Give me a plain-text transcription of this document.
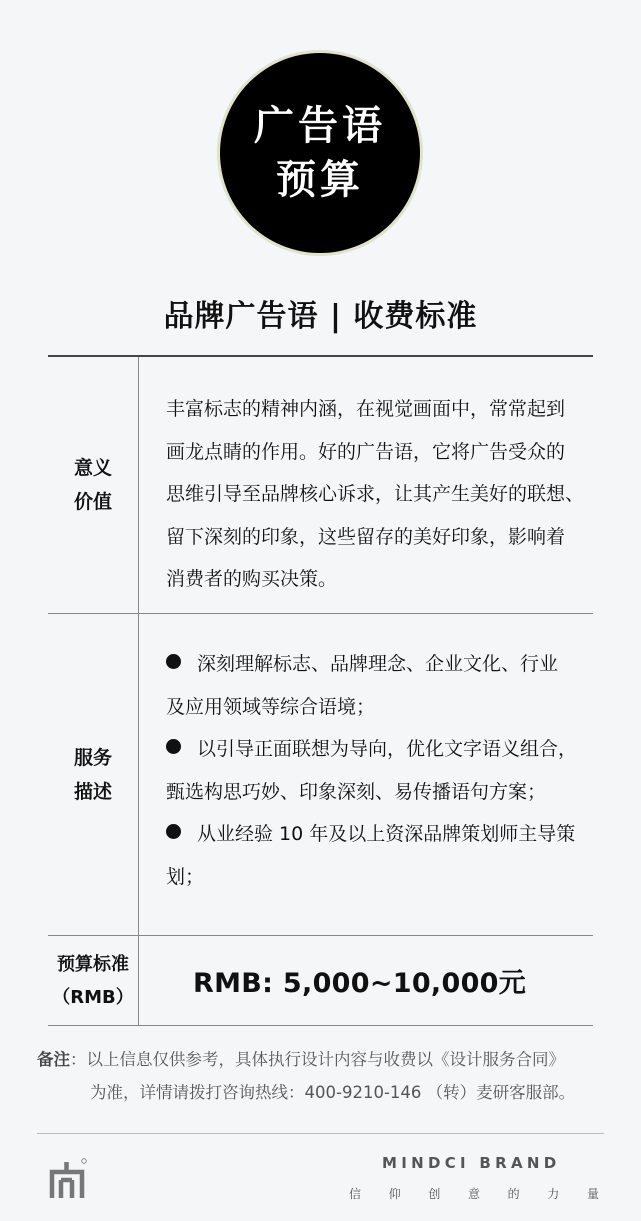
广告语
预算
品牌广告语 | 收费标准
意义
价值
丰富标志的精神内涵，在视觉画面中，常常起到
画龙点睛的作用。好的广告语，它将广告受众的
思维引导至品牌核心诉求，让其产生美好的联想、
留下深刻的印象，这些留存的美好印象，影响着
消费者的购买决策。
服务
描述
深刻理解标志、品牌理念、企业文化、行业
及应用领域等综合语境；
以引导正面联想为导向，优化文字语义组合，
甄选构思巧妙、印象深刻、易传播语句方案；
从业经验 10 年及以上资深品牌策划师主导策
划；
预算标准
（RMB）	RMB: 5,000~10,000元
备注：以上信息仅供参考，具体执行设计内容与收费以《设计服务合同》
为准，详情请拨打咨询热线：400-9210-146 （转）麦研客服部。
MINDCI BRAND
信 仰 创 意 的 力 量
